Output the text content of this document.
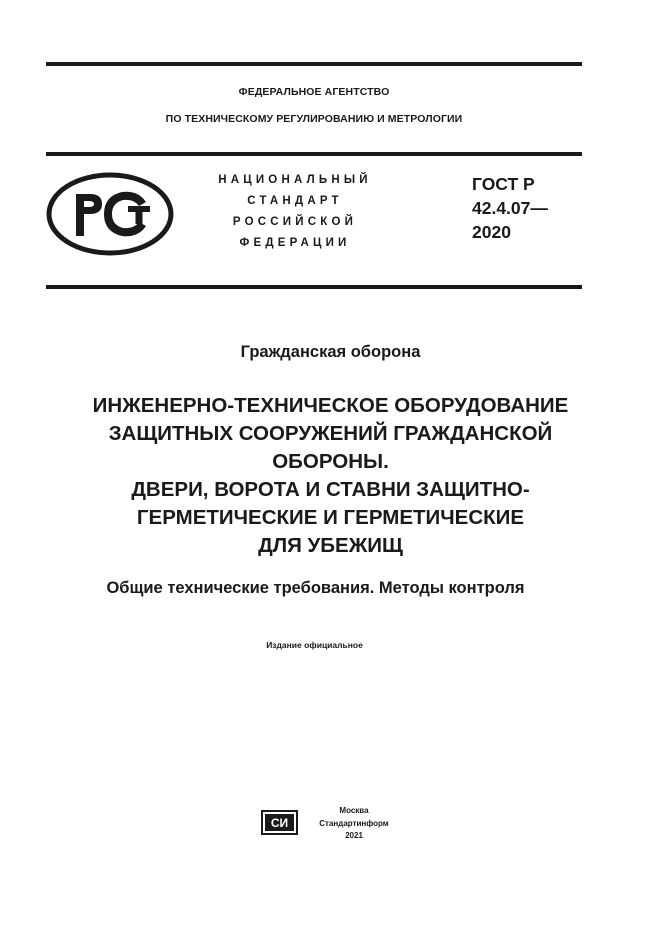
ФЕДЕРАЛЬНОЕ АГЕНТСТВО
ПО ТЕХНИЧЕСКОМУ РЕГУЛИРОВАНИЮ И МЕТРОЛОГИИ
НАЦИОНАЛЬНЫЙ
СТАНДАРТ
РОССИЙСКОЙ
ФЕДЕРАЦИИ
ГОСТ Р
42.4.07—
2020
Гражданская оборона
ИНЖЕНЕРНО-ТЕХНИЧЕСКОЕ ОБОРУДОВАНИЕ
ЗАЩИТНЫХ СООРУЖЕНИЙ ГРАЖДАНСКОЙ
ОБОРОНЫ.
ДВЕРИ, ВОРОТА И СТАВНИ ЗАЩИТНО-
ГЕРМЕТИЧЕСКИЕ И ГЕРМЕТИЧЕСКИЕ
ДЛЯ УБЕЖИЩ
Общие технические требования. Методы контроля
Издание официальное
СИ
Москва
Стандартинформ
2021
